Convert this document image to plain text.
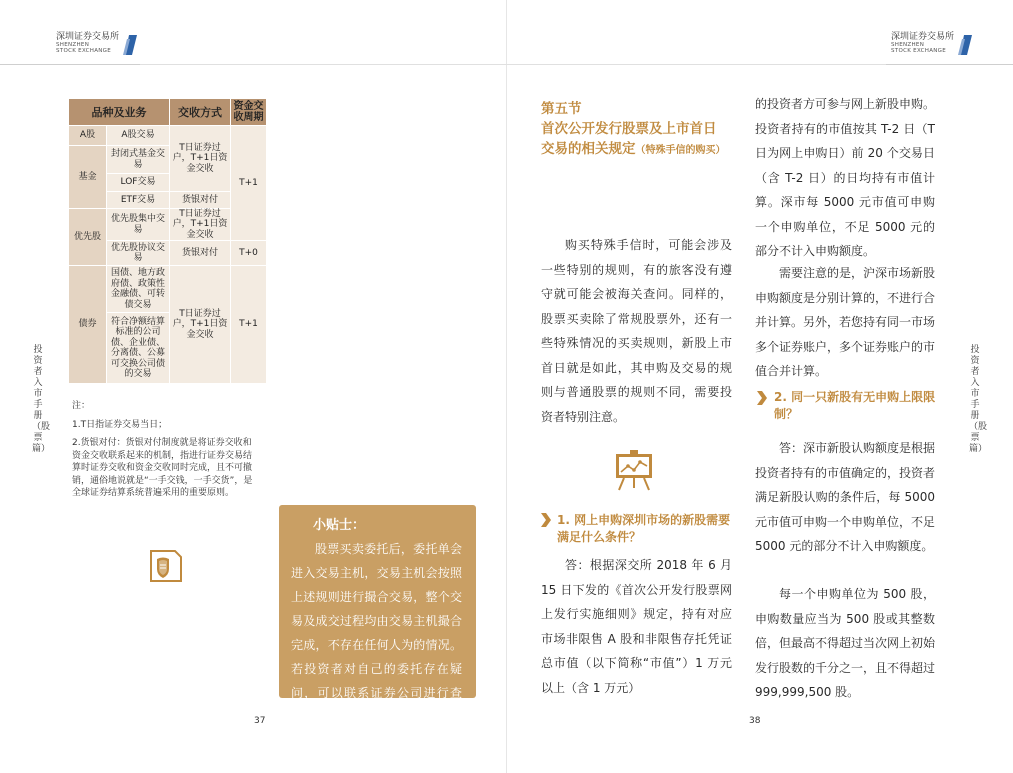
深圳证券交易所
SHENZHEN
STOCK EXCHANGE
深圳证券交易所
SHENZHEN
STOCK EXCHANGE
投资者入市手册（股票篇）
品种及业务	交收方式	资金交收周期
A股
基金
优先股
债券
A股交易
封闭式基金交易
LOF交易
ETF交易
优先股集中交易
优先股协议交易
国债、地方政府债、政策性金融债、可转债交易
符合净额结算标准的公司债、企业债、分离债、公募可交换公司债的交易
T日证券过户，T+1日资金交收
货银对付
T日证券过户，T+1日资金交收
货银对付
T日证券过户，T+1日资金交收
T+1
T+0
T+1

注：

1.T日指证券交易当日；

2.货银对付：货银对付制度就是将证券交收和资金交收联系起来的机制，指进行证券交易结算时证券交收和资金交收同时完成，且不可撤销，通俗地说就是“一手交钱，一手交货”，是全球证券结算系统普遍采用的重要原则。

小贴士：
股票买卖委托后，委托单会进入交易主机，交易主机会按照上述规则进行撮合交易，整个交易及成交过程均由交易主机撮合完成，不存在任何人为的情况。若投资者对自己的委托存在疑问，可以联系证券公司进行查单。
37
投资者入市手册（股票篇）
第五节
首次公开发行股票及上市首日
交易的相关规定（特殊手信的购买）
购买特殊手信时，可能会涉及一些特别的规则，有的旅客没有遵守就可能会被海关查问。同样的，股票买卖除了常规股票外，还有一些特殊情况的买卖规则，新股上市首日就是如此，其申购及交易的规则与普通股票的规则不同，需要投资者特别注意。
1. 网上申购深圳市场的新股需要满足什么条件？
答：根据深交所 2018 年 6 月 15 日下发的《首次公开发行股票网上发行实施细则》规定，持有对应市场非限售 A 股和非限售存托凭证总市值（以下简称“市值”）1 万元以上（含 1 万元）
的投资者方可参与网上新股申购。投资者持有的市值按其 T-2 日（T 日为网上申购日）前 20 个交易日（含 T-2 日）的日均持有市值计算。深市每 5000 元市值可申购一个申购单位，不足 5000 元的部分不计入申购额度。
需要注意的是，沪深市场新股申购额度是分别计算的，不进行合并计算。另外，若您持有同一市场多个证券账户，多个证券账户的市值合并计算。
2. 同一只新股有无申购上限限制？
答：深市新股认购额度是根据投资者持有的市值确定的，投资者满足新股认购的条件后，每 5000 元市值可申购一个申购单位，不足 5000 元的部分不计入申购额度。
每一个申购单位为 500 股，申购数量应当为 500 股或其整数倍，但最高不得超过当次网上初始发行股数的千分之一，且不得超过 999,999,500 股。
38
